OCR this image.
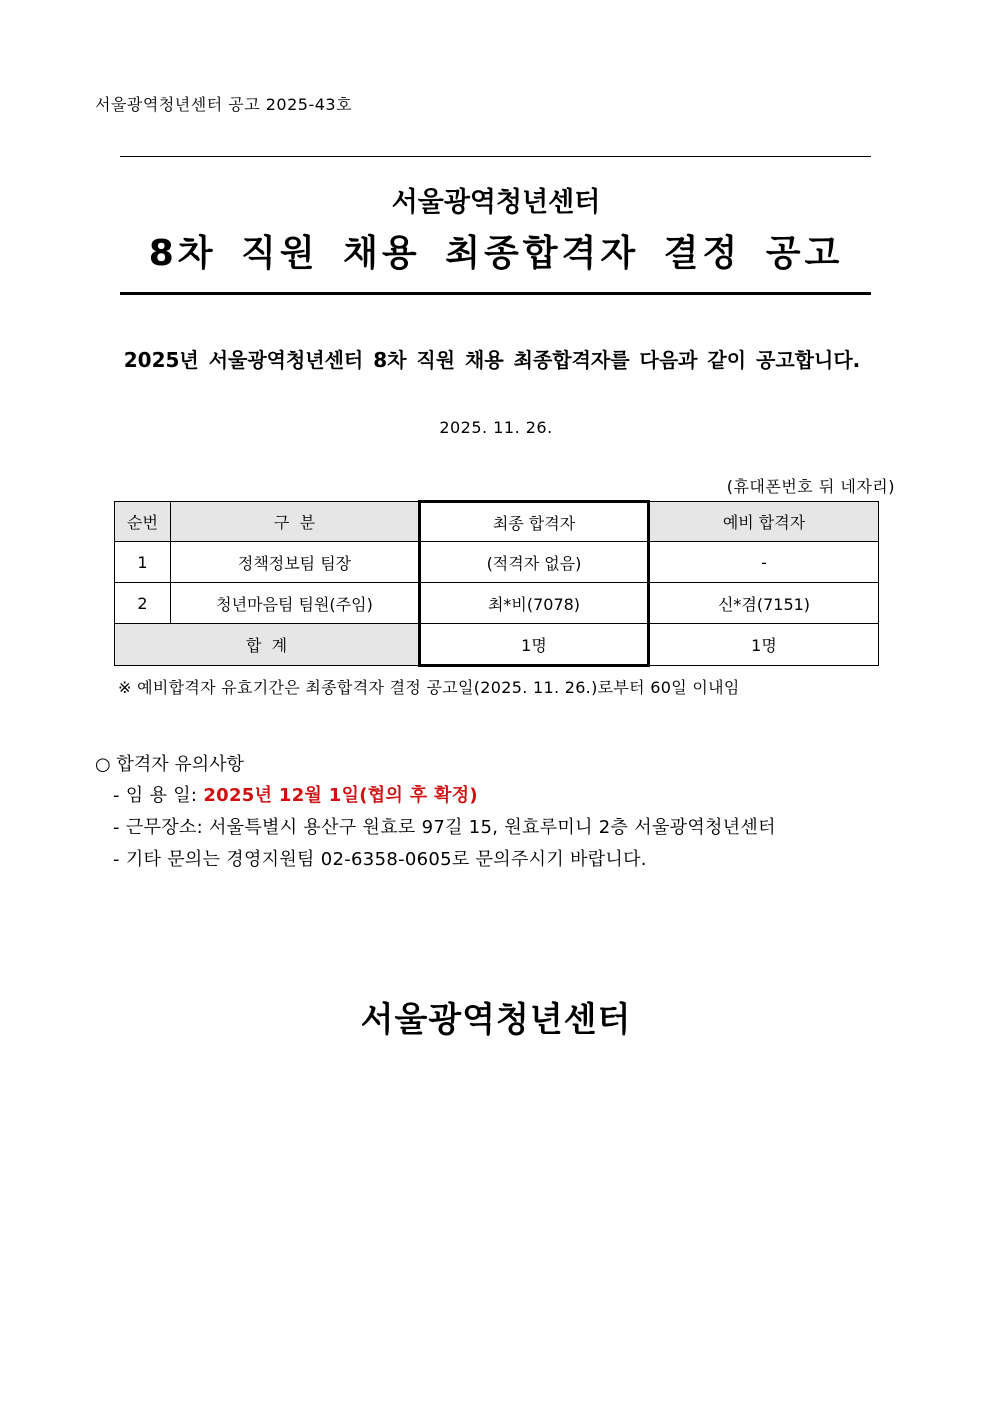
서울광역청년센터 공고 2025-43호
서울광역청년센터
8차 직원 채용 최종합격자 결정 공고
2025년 서울광역청년센터 8차 직원 채용 최종합격자를 다음과 같이 공고합니다.
2025. 11. 26.
(휴대폰번호 뒤 네자리)
순번	구  분	최종 합격자	예비 합격자
1	정책정보팀 팀장	(적격자 없음)	-
2	청년마음팀 팀원(주임)	최*비(7078)	신*겸(7151)
합  계		1명	1명
※ 예비합격자 유효기간은 최종합격자 결정 공고일(2025. 11. 26.)로부터 60일 이내임
○ 합격자 유의사항
- 임 용 일: 2025년 12월 1일(협의 후 확정)
- 근무장소: 서울특별시 용산구 원효로 97길 15, 원효루미니 2층 서울광역청년센터
- 기타 문의는 경영지원팀 02-6358-0605로 문의주시기 바랍니다.
서울광역청년센터
